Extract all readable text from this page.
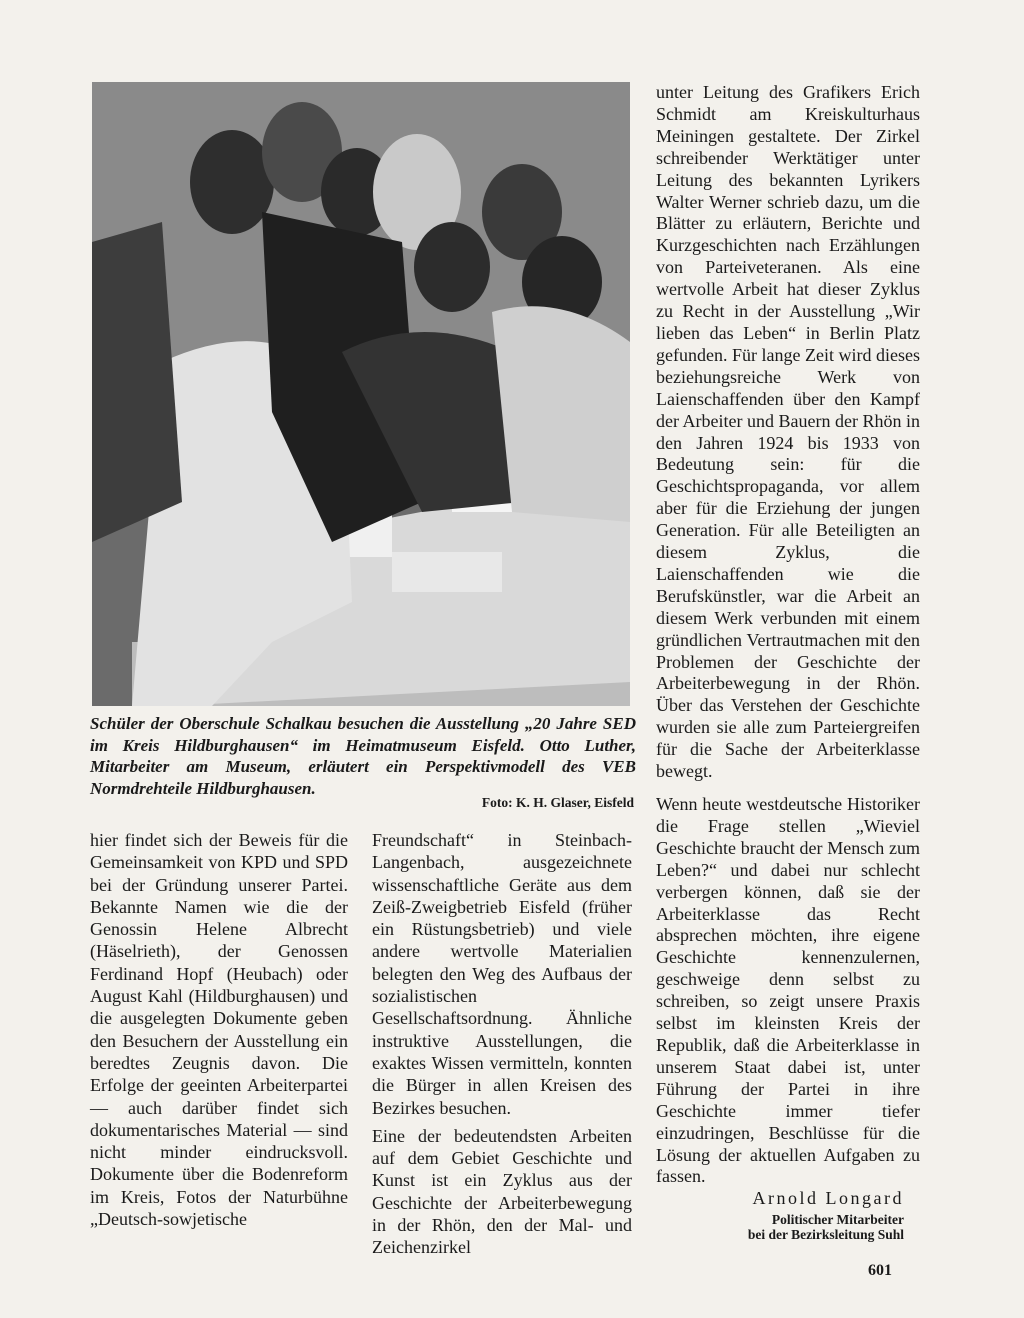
Schüler der Oberschule Schalkau besuchen die Ausstellung „20 Jahre SED im Kreis Hildburghausen“ im Heimatmuseum Eisfeld. Otto Luther, Mitarbeiter am Museum, erläutert ein Perspektivmodell des VEB Normdrehteile Hildburghausen.
Foto: K. H. Glaser, Eisfeld

hier findet sich der Beweis für die Gemeinsamkeit von KPD und SPD bei der Gründung unserer Partei. Bekannte Namen wie die der Genossin Helene Albrecht (Häselrieth), der Genossen Ferdinand Hopf (Heubach) oder August Kahl (Hildburghausen) und die ausgelegten Dokumente geben den Besuchern der Ausstellung ein beredtes Zeugnis davon. Die Erfolge der geeinten Arbeiterpartei — auch darüber findet sich dokumentarisches Material — sind nicht minder eindrucksvoll. Dokumente über die Bodenreform im Kreis, Fotos der Naturbühne „Deutsch-sowjetische

Freundschaft“ in Steinbach-Langenbach, ausgezeichnete wissenschaftliche Geräte aus dem Zeiß-Zweigbetrieb Eisfeld (früher ein Rüstungsbetrieb) und viele andere wertvolle Materialien belegten den Weg des Aufbaus der sozialistischen Gesellschaftsordnung. Ähnliche instruktive Ausstellungen, die exaktes Wissen vermitteln, konnten die Bürger in allen Kreisen des Bezirkes besuchen.

Eine der bedeutendsten Arbeiten auf dem Gebiet Geschichte und Kunst ist ein Zyklus aus der Geschichte der Arbeiterbewegung in der Rhön, den der Mal- und Zeichenzirkel

unter Leitung des Grafikers Erich Schmidt am Kreiskulturhaus Meiningen gestaltete. Der Zirkel schreibender Werktätiger unter Leitung des bekannten Lyrikers Walter Werner schrieb dazu, um die Blätter zu erläutern, Berichte und Kurzgeschichten nach Erzählungen von Parteiveteranen. Als eine wertvolle Arbeit hat dieser Zyklus zu Recht in der Ausstellung „Wir lieben das Leben“ in Berlin Platz gefunden. Für lange Zeit wird dieses beziehungsreiche Werk von Laienschaffenden über den Kampf der Arbeiter und Bauern der Rhön in den Jahren 1924 bis 1933 von Bedeutung sein: für die Geschichtspropaganda, vor allem aber für die Erziehung der jungen Generation. Für alle Beteiligten an diesem Zyklus, die Laienschaffenden wie die Berufskünstler, war die Arbeit an diesem Werk verbunden mit einem gründlichen Vertrautmachen mit den Problemen der Geschichte der Arbeiterbewegung in der Rhön. Über das Verstehen der Geschichte wurden sie alle zum Parteiergreifen für die Sache der Arbeiterklasse bewegt.

Wenn heute westdeutsche Historiker die Frage stellen „Wieviel Geschichte braucht der Mensch zum Leben?“ und dabei nur schlecht verbergen können, daß sie der Arbeiterklasse das Recht absprechen möchten, ihre eigene Geschichte kennenzulernen, geschweige denn selbst zu schreiben, so zeigt unsere Praxis selbst im kleinsten Kreis der Republik, daß die Arbeiterklasse in unserem Staat dabei ist, unter Führung der Partei in ihre Geschichte immer tiefer einzudringen, Beschlüsse für die Lösung der aktuellen Aufgaben zu fassen.

Arnold Longard
Politischer Mitarbeiter
bei der Bezirksleitung Suhl
601
